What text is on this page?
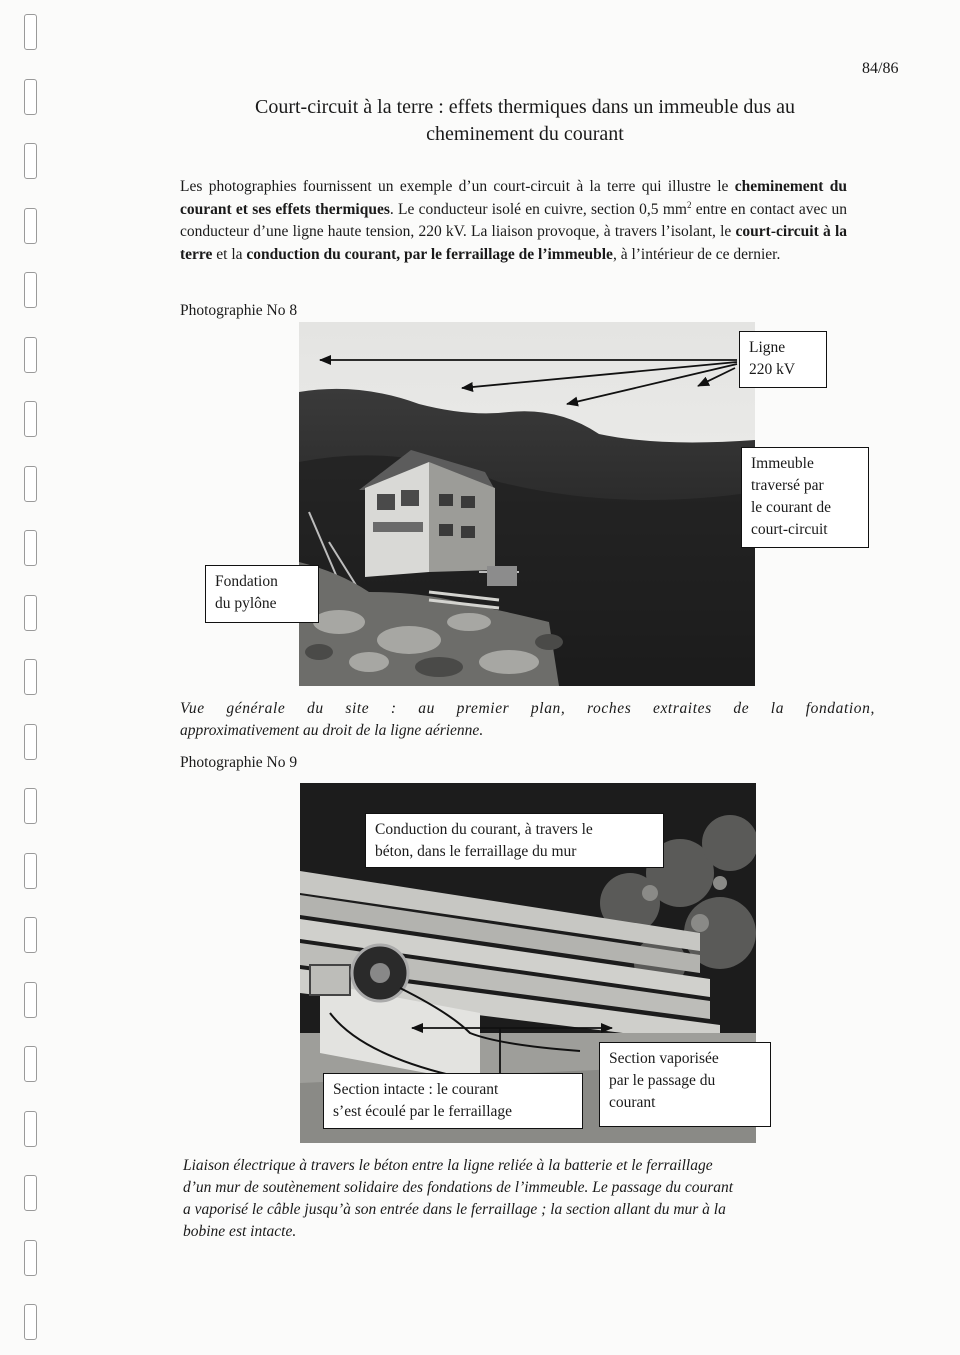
84/86
Court-circuit à la terre : effets thermiques dans un immeuble dus au
cheminement du courant
Les photographies fournissent un exemple d’un court-circuit à la terre qui illustre le cheminement du courant et ses effets thermiques. Le conducteur isolé en cuivre, section 0,5 $mm^2$ entre en contact avec un conducteur d’une ligne haute tension, 220 kV. La liaison provoque, à travers l’isolant, le court-circuit à la terre et la conduction du courant, par le ferraillage de l’immeuble, à l’intérieur de ce dernier.
Photographie No 8
Ligne
220 kV
Immeuble
traversé par
le courant de
court-circuit
Fondation
du pylône
Vue générale du site : au premier plan, roches extraites de la fondation,
approximativement au droit de la ligne aérienne.
Photographie No 9
Conduction du courant, à travers le
béton, dans le ferraillage du mur
Section intacte : le courant
s’est écoulé par le ferraillage
Section vaporisée
par le passage du
courant
Liaison électrique à travers le béton entre la ligne reliée à la batterie et le ferraillage
d’un mur de soutènement solidaire des fondations de l’immeuble. Le passage du courant
a vaporisé le câble jusqu’à son entrée dans le ferraillage ; la section allant du mur à la
bobine est intacte.
